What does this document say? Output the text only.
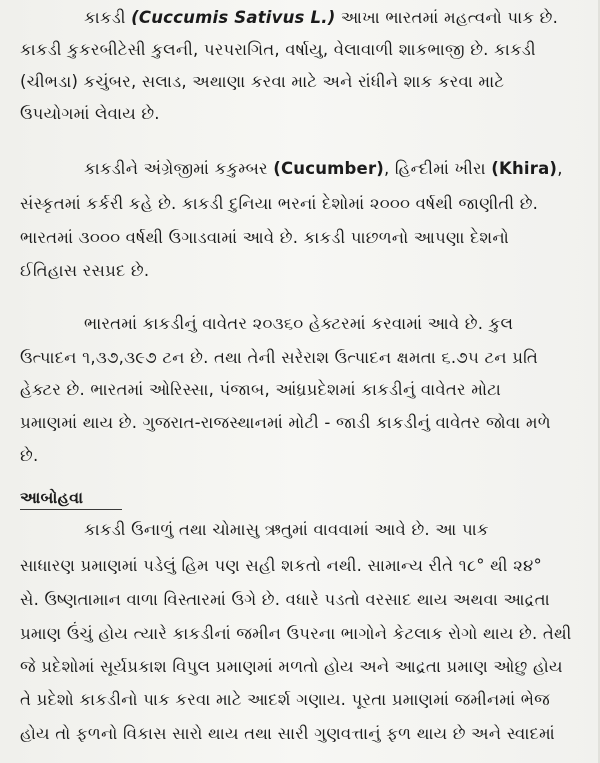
કાકડી (Cuccumis Sativus L.) આખા ભારતમાં મહત્વનો પાક છે.
કાકડી કુકરબીટેસી કુલની, પરપરાગિત, વર્ષાયુ, વેલાવાળી શાકભાજી છે. કાકડી
(ચીભડા) કચુંબર, સલાડ, અથાણા કરવા માટે અને રાંધીને શાક કરવા માટે
ઉપયોગમાં લેવાય છે.
કાકડીને અંગ્રેજીમાં કકુમ્બર (Cucumber), હિન્દીમાં ખીરા (Khira),
સંસ્કૃતમાં કર્કરી કહે છે. કાકડી દુનિયા ભરનાં દેશોમાં ૨૦૦૦ વર્ષથી જાણીતી છે.
ભારતમાં ૩૦૦૦ વર્ષથી ઉગાડવામાં આવે છે. કાકડી પાછળનો આપણા દેશનો
ઈતિહાસ રસપ્રદ છે.
ભારતમાં કાકડીનું વાવેતર ૨૦૩૬૦ હેક્ટરમાં કરવામાં આવે છે. કુલ
ઉત્પાદન ૧,૩૭,૩૯૭ ટન છે. તથા તેની સરેરાશ ઉત્પાદન ક્ષમતા ૬.૭૫ ટન પ્રતિ
હેક્ટર છે. ભારતમાં ઓરિસ્સા, પંજાબ, આંધ્રપ્રદેશમાં કાકડીનું વાવેતર મોટા
પ્રમાણમાં થાય છે. ગુજરાત-રાજસ્થાનમાં મોટી - જાડી કાકડીનું વાવેતર જોવા મળે
છે.
આબોહવા
કાકડી ઉનાળું તથા ચોમાસુ ઋતુમાં વાવવામાં આવે છે. આ પાક
સાધારણ પ્રમાણમાં પડેલું હિમ પણ સહી શકતો નથી. સામાન્ય રીતે ૧૮° થી ૨૪°
સે. ઉષ્ણતામાન વાળા વિસ્તારમાં ઉગે છે. વધારે પડતો વરસાદ થાય અથવા આદ્રતા
પ્રમાણ ઉંચું હોય ત્યારે કાકડીનાં જમીન ઉપરના ભાગોને કેટલાક રોગો થાય છે. તેથી
જે પ્રદેશોમાં સૂર્યપ્રકાશ વિપુલ પ્રમાણમાં મળતો હોય અને આદ્રતા પ્રમાણ ઓછુ હોય
તે પ્રદેશો કાકડીનો પાક કરવા માટે આદર્શ ગણાય. પૂરતા પ્રમાણમાં જમીનમાં ભેજ
હોય તો ફળનો વિકાસ સારો થાય તથા સારી ગુણવત્તાનું ફળ થાય છે અને સ્વાદમાં
